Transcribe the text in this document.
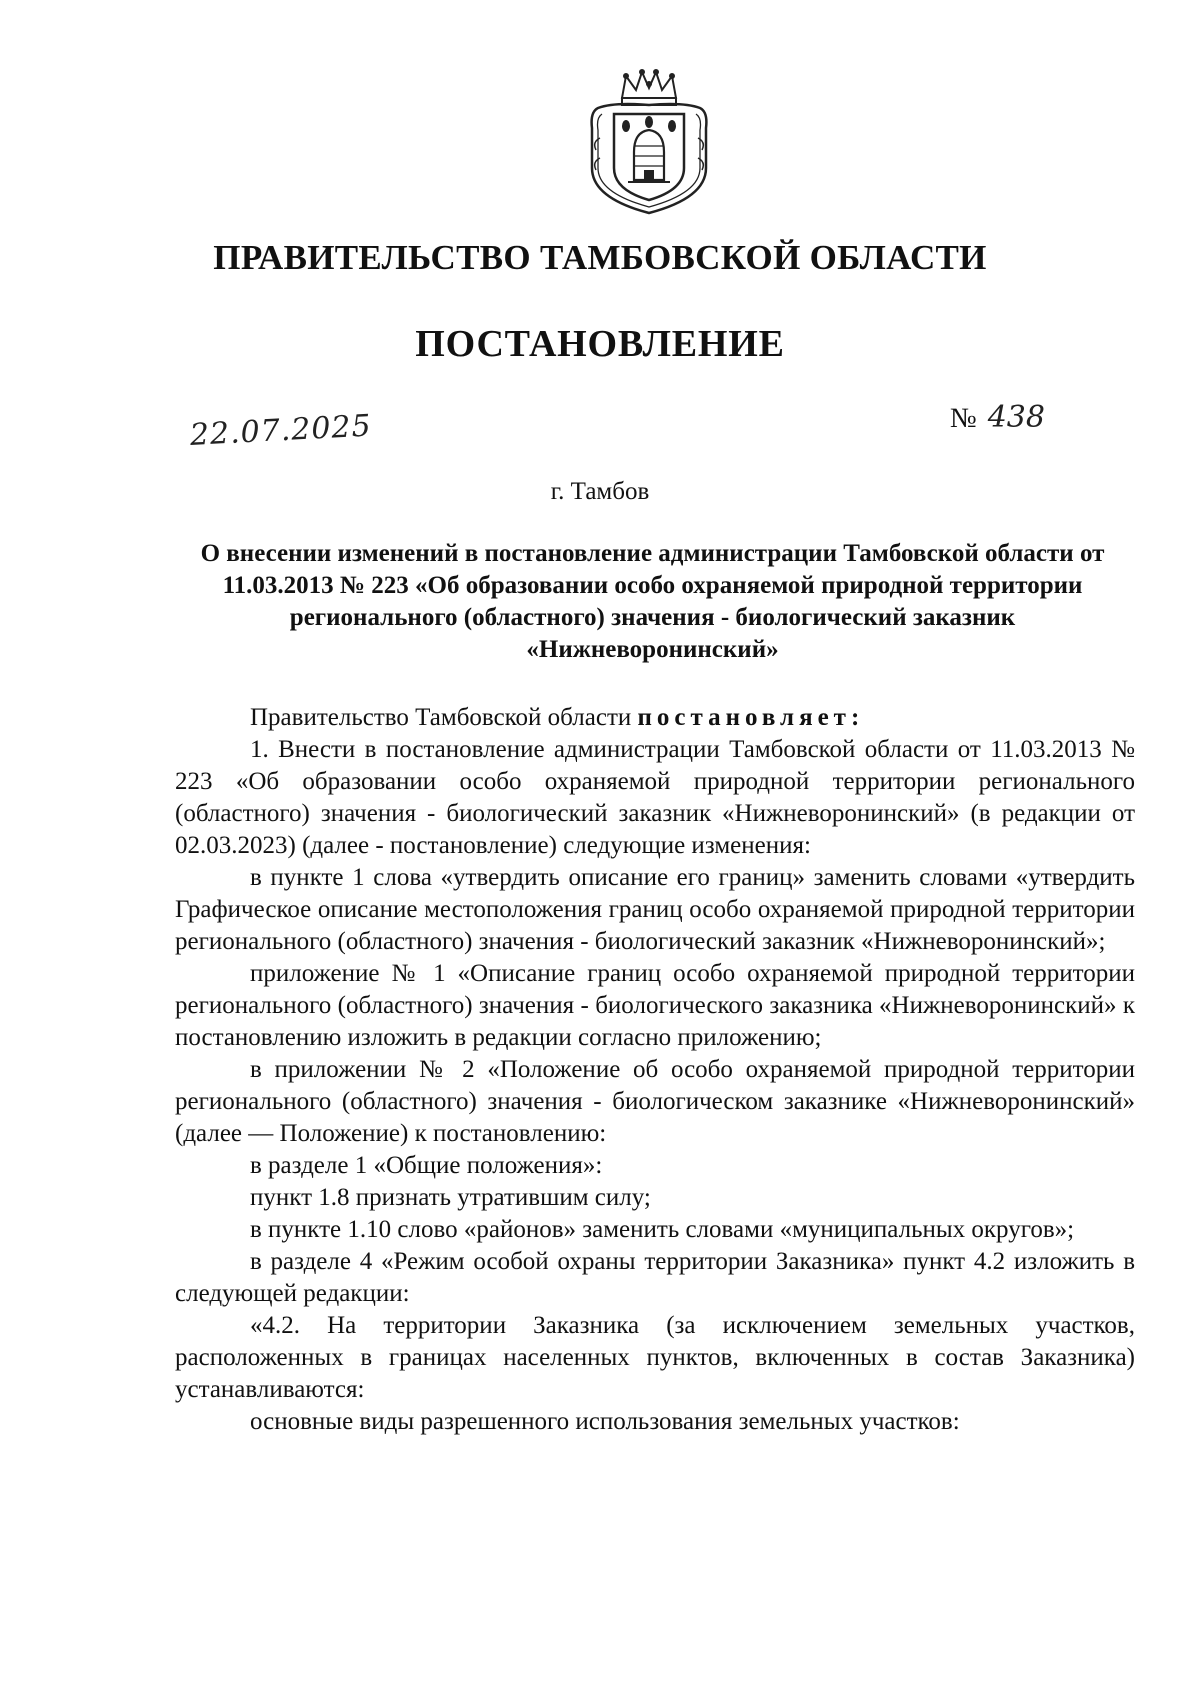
ПРАВИТЕЛЬСТВО ТАМБОВСКОЙ ОБЛАСТИ
ПОСТАНОВЛЕНИЕ
22.07.2025	№ 438
г. Тамбов

О внесении изменений в постановление администрации Тамбовской области от 11.03.2013 № 223 «Об образовании особо охраняемой природной территории регионального (областного) значения - биологический заказник «Нижневоронинский»

Правительство Тамбовской области постановляет:

1. Внести в постановление администрации Тамбовской области от 11.03.2013 № 223 «Об образовании особо охраняемой природной территории регионального (областного) значения - биологический заказник «Нижневоронинский» (в редакции от 02.03.2023) (далее - постановление) следующие изменения:

в пункте 1 слова «утвердить описание его границ» заменить словами «утвердить Графическое описание местоположения границ особо охраняемой природной территории регионального (областного) значения - биологический заказник «Нижневоронинский»;

приложение № 1 «Описание границ особо охраняемой природной территории регионального (областного) значения - биологического заказника «Нижневоронинский» к постановлению изложить в редакции согласно приложению;

в приложении № 2 «Положение об особо охраняемой природной территории регионального (областного) значения - биологическом заказнике «Нижневоронинский» (далее — Положение) к постановлению:

в разделе 1 «Общие положения»:

пункт 1.8 признать утратившим силу;

в пункте 1.10 слово «районов» заменить словами «муниципальных округов»;

в разделе 4 «Режим особой охраны территории Заказника» пункт 4.2 изложить в следующей редакции:

«4.2. На территории Заказника (за исключением земельных участков, расположенных в границах населенных пунктов, включенных в состав Заказника) устанавливаются:

основные виды разрешенного использования земельных участков:
